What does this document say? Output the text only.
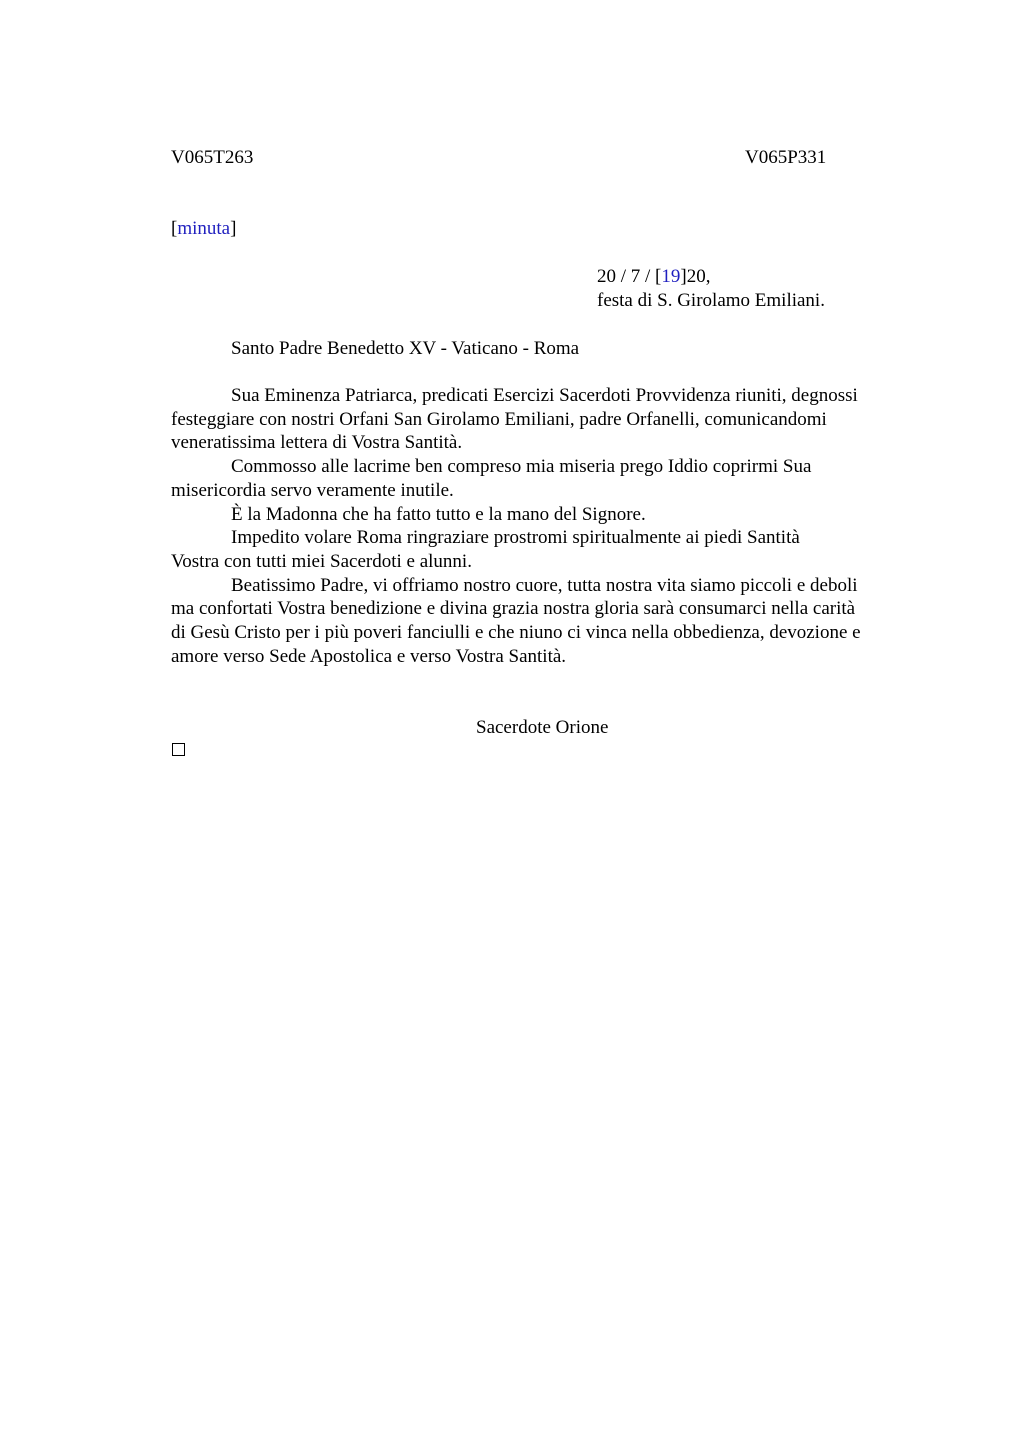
V065T263	V065P331
[minuta]
20 / 7 / [19]20,
festa di S. Girolamo Emiliani.
Santo Padre Benedetto XV - Vaticano - Roma

Sua Eminenza Patriarca, predicati Esercizi Sacerdoti Provvidenza riuniti, degnossi
festeggiare con nostri Orfani San Girolamo Emiliani, padre Orfanelli, comunicandomi
veneratissima lettera di Vostra Santità.

Commosso alle lacrime ben compreso mia miseria prego Iddio coprirmi Sua
misericordia servo veramente inutile.

È la Madonna che ha fatto tutto e la mano del Signore.

Impedito volare Roma ringraziare prostromi spiritualmente ai piedi Santità
Vostra con tutti miei Sacerdoti e alunni.

Beatissimo Padre, vi offriamo nostro cuore, tutta nostra vita siamo piccoli e deboli
ma confortati Vostra benedizione e divina grazia nostra gloria sarà consumarci nella carità
di Gesù Cristo per i più poveri fanciulli e che niuno ci vinca nella obbedienza, devozione e
amore verso Sede Apostolica e verso Vostra Santità.

Sacerdote Orione
